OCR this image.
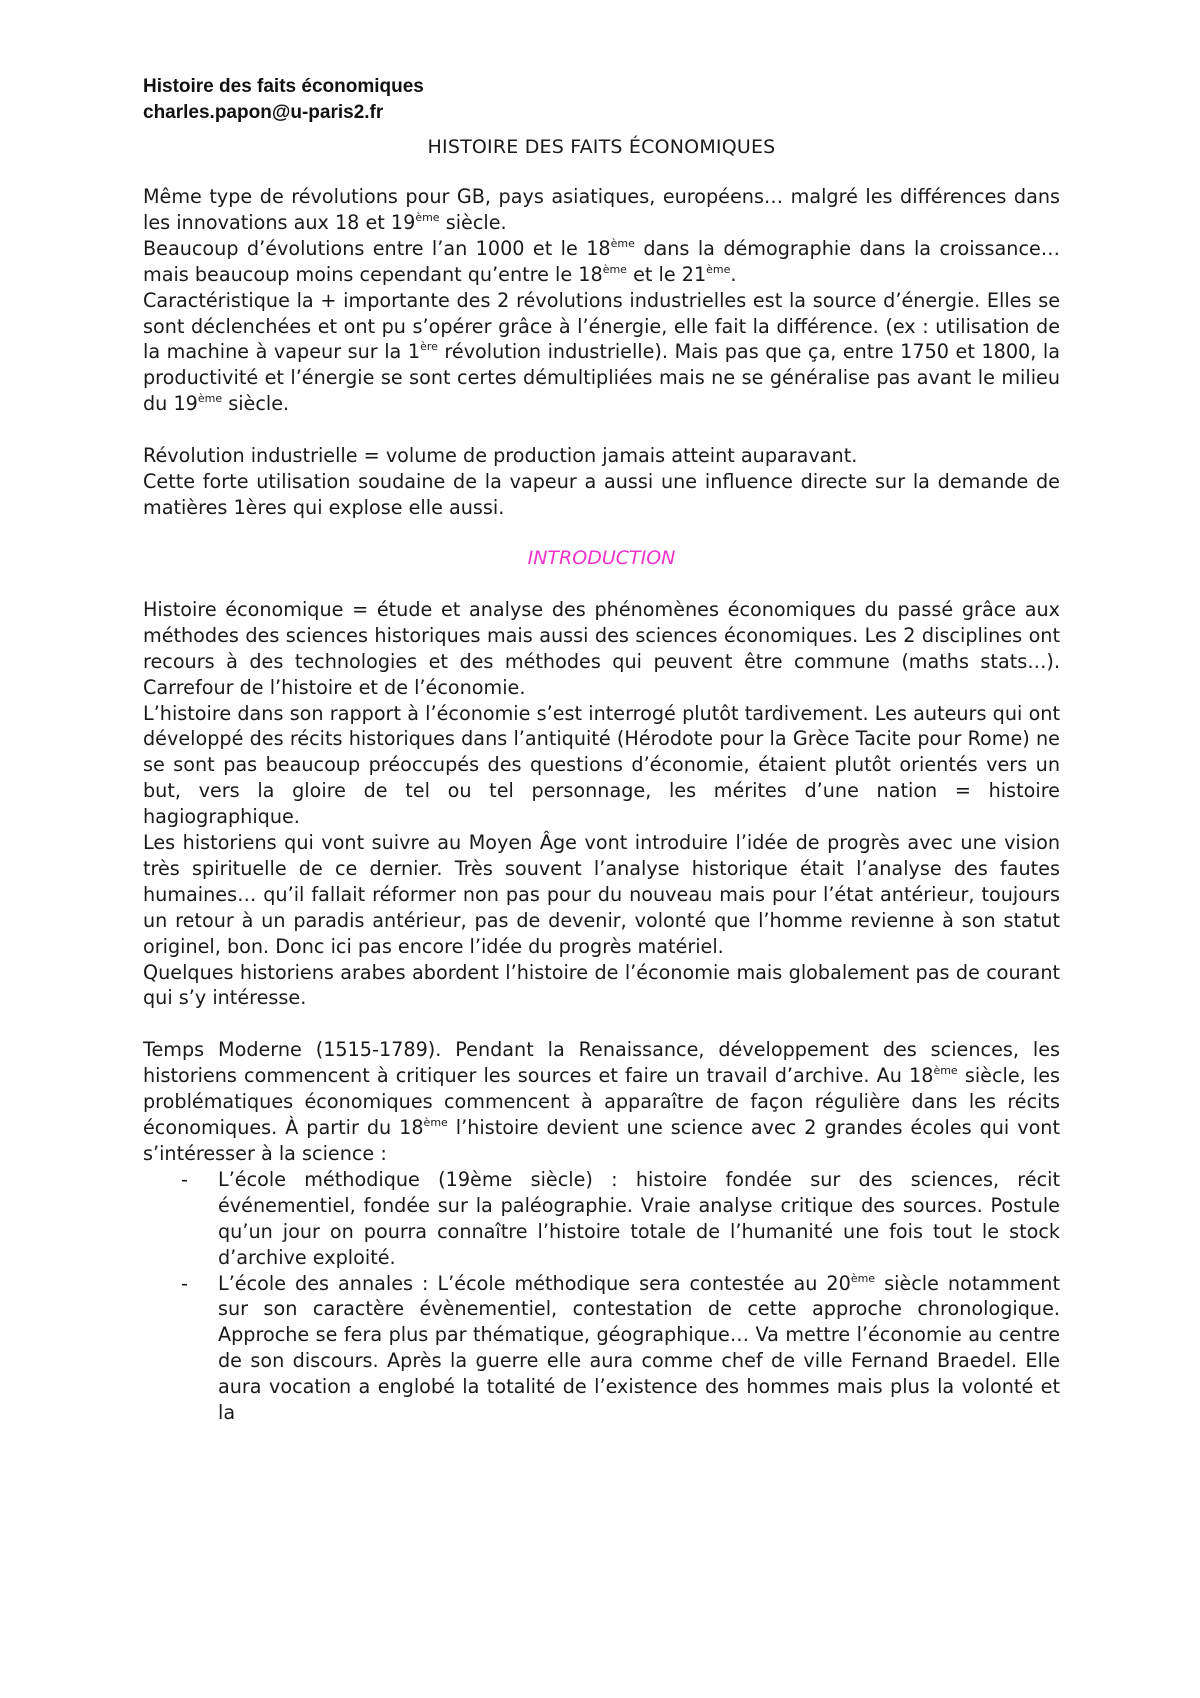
Histoire des faits économiques
charles.papon@u-paris2.fr
HISTOIRE DES FAITS ÉCONOMIQUES

Même type de révolutions pour GB, pays asiatiques, européens… malgré les différences dans les innovations aux 18 et 19ème siècle.

Beaucoup d’évolutions entre l’an 1000 et le 18ème dans la démographie dans la croissance… mais beaucoup moins cependant qu’entre le 18ème et le 21ème.

Caractéristique la + importante des 2 révolutions industrielles est la source d’énergie. Elles se sont déclenchées et ont pu s’opérer grâce à l’énergie, elle fait la différence. (ex : utilisation de la machine à vapeur sur la 1ère révolution industrielle). Mais pas que ça, entre 1750 et 1800, la productivité et l’énergie se sont certes démultipliées mais ne se généralise pas avant le milieu du 19ème siècle.

Révolution industrielle = volume de production jamais atteint auparavant.

Cette forte utilisation soudaine de la vapeur a aussi une influence directe sur la demande de matières 1ères qui explose elle aussi.

INTRODUCTION

Histoire économique = étude et analyse des phénomènes économiques du passé grâce aux méthodes des sciences historiques mais aussi des sciences économiques. Les 2 disciplines ont recours à des technologies et des méthodes qui peuvent être commune (maths stats…). Carrefour de l’histoire et de l’économie.

L’histoire dans son rapport à l’économie s’est interrogé plutôt tardivement. Les auteurs qui ont développé des récits historiques dans l’antiquité (Hérodote pour la Grèce Tacite pour Rome) ne se sont pas beaucoup préoccupés des questions d’économie, étaient plutôt orientés vers un but, vers la gloire de tel ou tel personnage, les mérites d’une nation = histoire hagiographique.

Les historiens qui vont suivre au Moyen Âge vont introduire l’idée de progrès avec une vision très spirituelle de ce dernier. Très souvent l’analyse historique était l’analyse des fautes humaines… qu’il fallait réformer non pas pour du nouveau mais pour l’état antérieur, toujours un retour à un paradis antérieur, pas de devenir, volonté que l’homme revienne à son statut originel, bon. Donc ici pas encore l’idée du progrès matériel.

Quelques historiens arabes abordent l’histoire de l’économie mais globalement pas de courant qui s’y intéresse.

Temps Moderne (1515-1789). Pendant la Renaissance, développement des sciences, les historiens commencent à critiquer les sources et faire un travail d’archive. Au 18ème siècle, les problématiques économiques commencent à apparaître de façon régulière dans les récits économiques. À partir du 18ème l’histoire devient une science avec 2 grandes écoles qui vont s’intéresser à la science :

-	L’école méthodique (19ème siècle) : histoire fondée sur des sciences, récit événementiel, fondée sur la paléographie. Vraie analyse critique des sources. Postule qu’un jour on pourra connaître l’histoire totale de l’humanité une fois tout le stock d’archive exploité.
-	L’école des annales : L’école méthodique sera contestée au 20ème siècle notamment sur son caractère évènementiel, contestation de cette approche chronologique. Approche se fera plus par thématique, géographique… Va mettre l’économie au centre de son discours. Après la guerre elle aura comme chef de ville Fernand Braedel. Elle aura vocation a englobé la totalité de l’existence des hommes mais plus la volonté et la
